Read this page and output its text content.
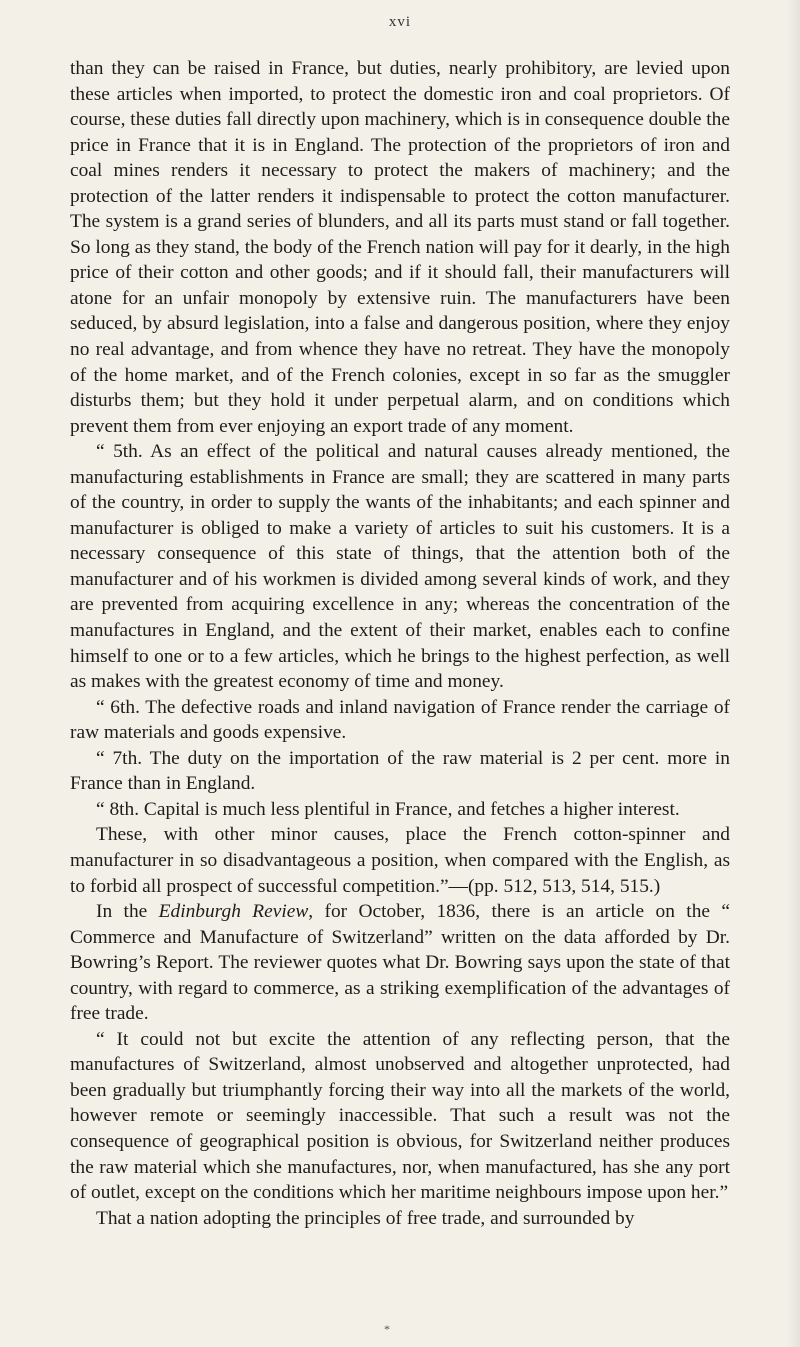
xvi

than they can be raised in France, but duties, nearly prohibitory, are levied upon these articles when imported, to protect the domestic iron and coal proprietors. Of course, these duties fall directly upon machinery, which is in consequence double the price in France that it is in England. The protection of the proprietors of iron and coal mines renders it necessary to protect the makers of machinery; and the protection of the latter renders it indispensable to protect the cotton manufacturer. The system is a grand series of blunders, and all its parts must stand or fall together. So long as they stand, the body of the French nation will pay for it dearly, in the high price of their cotton and other goods; and if it should fall, their manufacturers will atone for an unfair monopoly by extensive ruin. The manufacturers have been seduced, by absurd legislation, into a false and dangerous position, where they enjoy no real advantage, and from whence they have no retreat. They have the monopoly of the home market, and of the French colonies, except in so far as the smuggler disturbs them; but they hold it under perpetual alarm, and on conditions which prevent them from ever enjoying an export trade of any moment.

“ 5th. As an effect of the political and natural causes already mentioned, the manufacturing establishments in France are small; they are scattered in many parts of the country, in order to supply the wants of the inhabitants; and each spinner and manufacturer is obliged to make a variety of articles to suit his customers. It is a necessary consequence of this state of things, that the attention both of the manufacturer and of his workmen is divided among several kinds of work, and they are prevented from acquiring excellence in any; whereas the concentration of the manufactures in England, and the extent of their market, enables each to confine himself to one or to a few articles, which he brings to the highest perfection, as well as makes with the greatest economy of time and money.

“ 6th. The defective roads and inland navigation of France render the carriage of raw materials and goods expensive.

“ 7th. The duty on the importation of the raw material is 2 per cent. more in France than in England.

“ 8th. Capital is much less plentiful in France, and fetches a higher interest.

These, with other minor causes, place the French cotton-spinner and manufacturer in so disadvantageous a position, when compared with the English, as to forbid all prospect of successful competition.”—(pp. 512, 513, 514, 515.)

In the Edinburgh Review, for October, 1836, there is an article on the “ Commerce and Manufacture of Switzerland” written on the data afforded by Dr. Bowring’s Report. The reviewer quotes what Dr. Bowring says upon the state of that country, with regard to commerce, as a striking exemplification of the advantages of free trade.

“ It could not but excite the attention of any reflecting person, that the manufactures of Switzerland, almost unobserved and altogether unprotected, had been gradually but triumphantly forcing their way into all the markets of the world, however remote or seemingly inaccessible. That such a result was not the consequence of geographical position is obvious, for Switzerland neither produces the raw material which she manufactures, nor, when manufactured, has she any port of outlet, except on the conditions which her maritime neighbours impose upon her.”

That a nation adopting the principles of free trade, and surrounded by

*
